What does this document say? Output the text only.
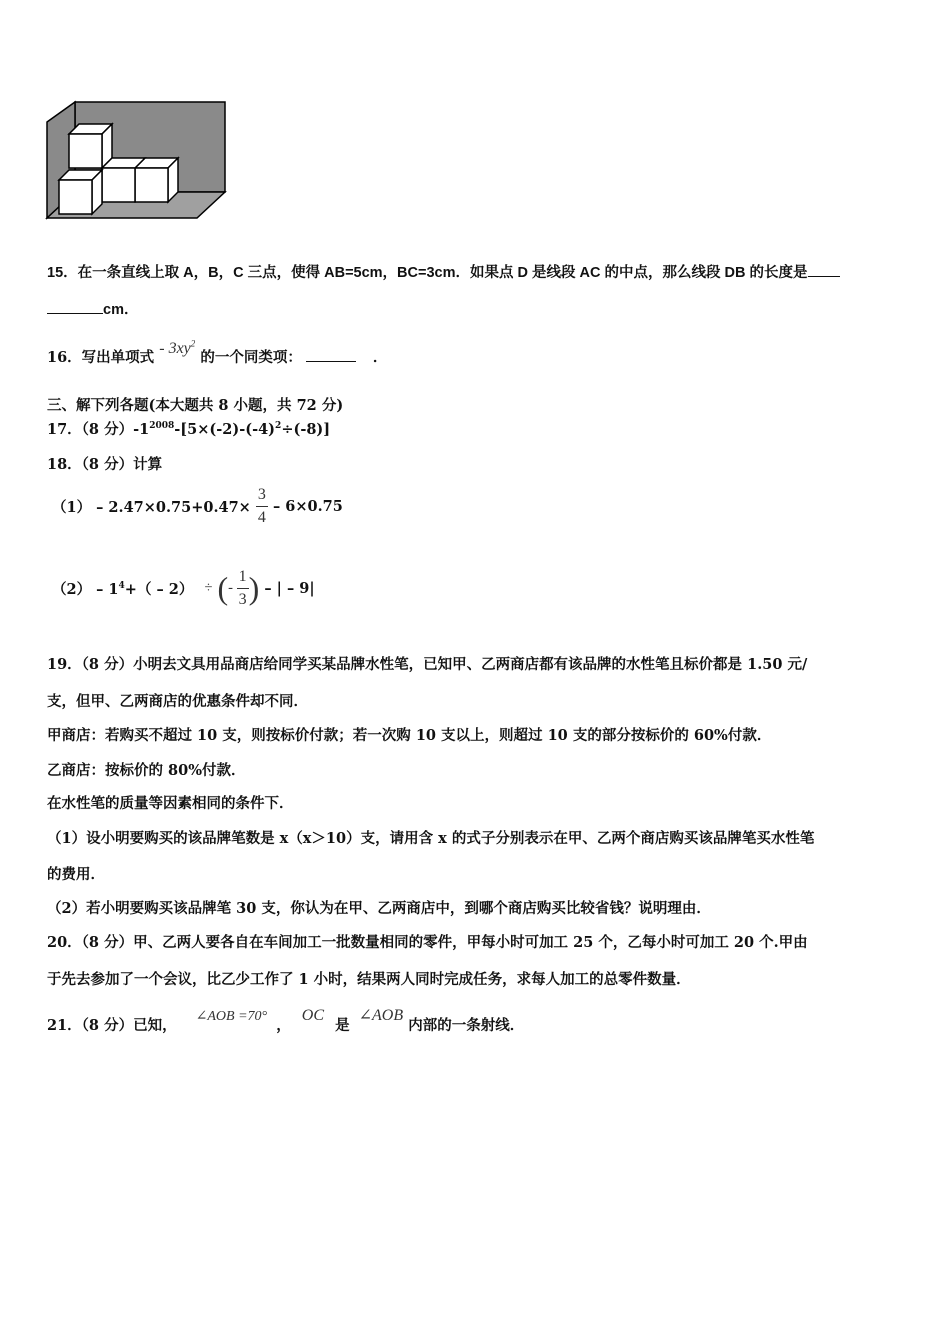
15．在一条直线上取 A，B，C 三点，使得 AB=5cm，BC=3cm．如果点 D 是线段 AC 的中点，那么线段 DB 的长度是
cm．
16．写出单项式 - $3xy^2$ 的一个同类项：	．
三、解下列各题(本大题共 8 小题，共 72 分)
17．（8 分）$-1^{2008}-[5\times(-2)-(-4)^2\div(-8)]$
18．（8 分）计算
$(1) - 2.47\times 0.75+0.47\times \frac{3}{4} - 6\times 0.75$
$(2) - 1^4+( - 2)$ ÷ (- $\frac{1}{3}$ ) – | – 9|
19．（8 分）小明去文具用品商店给同学买某品牌水性笔，已知甲、乙两商店都有该品牌的水性笔且标价都是 1.50 元/
支，但甲、乙两商店的优惠条件却不同．
甲商店：若购买不超过 10 支，则按标价付款；若一次购 10 支以上，则超过 10 支的部分按标价的 60%付款．
乙商店：按标价的 80%付款．
在水性笔的质量等因素相同的条件下．
（1）设小明要购买的该品牌笔数是 x（x＞10）支，请用含 x 的式子分别表示在甲、乙两个商店购买该品牌笔买水性笔
的费用．
（2）若小明要购买该品牌笔 30 支，你认为在甲、乙两商店中，到哪个商店购买比较省钱？说明理由．
20．（8 分）甲、乙两人要各自在车间加工一批数量相同的零件，甲每小时可加工 25 个，乙每小时可加工 20 个.甲由
于先去参加了一个会议，比乙少工作了 1 小时，结果两人同时完成任务，求每人加工的总零件数量．
21．（8 分）已知， ∠AOB =70° ， OC 是 ∠AOB 内部的一条射线．
